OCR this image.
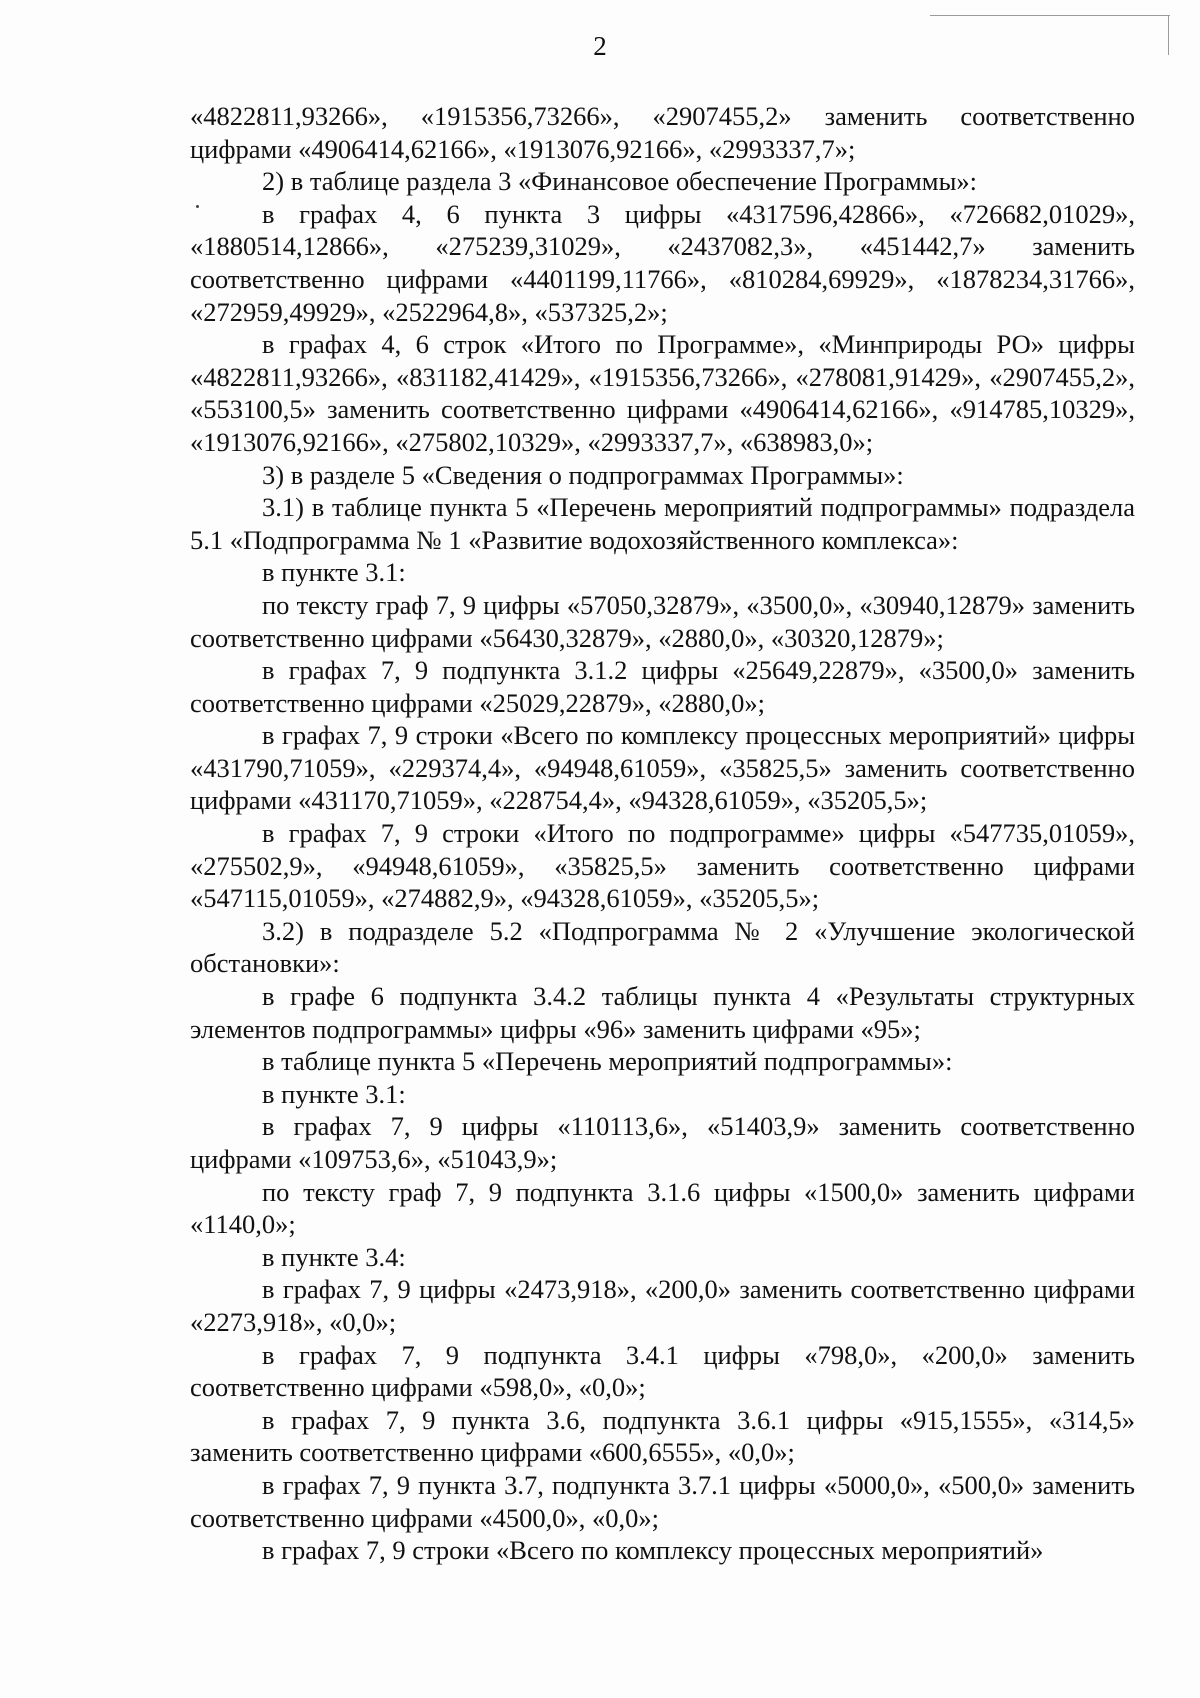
2

«4822811,93266», «1915356,73266», «2907455,2» заменить соответственно цифрами «4906414,62166», «1913076,92166», «2993337,7»;

2) в таблице раздела 3 «Финансовое обеспечение Программы»:

в графах 4, 6 пункта 3 цифры «4317596,42866», «726682,01029», «1880514,12866», «275239,31029», «2437082,3», «451442,7» заменить соответственно цифрами «4401199,11766», «810284,69929», «1878234,31766», «272959,49929», «2522964,8», «537325,2»;

в графах 4, 6 строк «Итого по Программе», «Минприроды РО» цифры «4822811,93266», «831182,41429», «1915356,73266», «278081,91429», «2907455,2», «553100,5» заменить соответственно цифрами «4906414,62166», «914785,10329», «1913076,92166», «275802,10329», «2993337,7», «638983,0»;

3) в разделе 5 «Сведения о подпрограммах Программы»:

3.1) в таблице пункта 5 «Перечень мероприятий подпрограммы» подраздела 5.1 «Подпрограмма № 1 «Развитие водохозяйственного комплекса»:

в пункте 3.1:

по тексту граф 7, 9 цифры «57050,32879», «3500,0», «30940,12879» заменить соответственно цифрами «56430,32879», «2880,0», «30320,12879»;

в графах 7, 9 подпункта 3.1.2 цифры «25649,22879», «3500,0» заменить соответственно цифрами «25029,22879», «2880,0»;

в графах 7, 9 строки «Всего по комплексу процессных мероприятий» цифры «431790,71059», «229374,4», «94948,61059», «35825,5» заменить соответственно цифрами «431170,71059», «228754,4», «94328,61059», «35205,5»;

в графах 7, 9 строки «Итого по подпрограмме» цифры «547735,01059», «275502,9», «94948,61059», «35825,5» заменить соответственно цифрами «547115,01059», «274882,9», «94328,61059», «35205,5»;

3.2) в подразделе 5.2 «Подпрограмма № 2 «Улучшение экологической обстановки»:

в графе 6 подпункта 3.4.2 таблицы пункта 4 «Результаты структурных элементов подпрограммы» цифры «96» заменить цифрами «95»;

в таблице пункта 5 «Перечень мероприятий подпрограммы»:

в пункте 3.1:

в графах 7, 9 цифры «110113,6», «51403,9» заменить соответственно цифрами «109753,6», «51043,9»;

по тексту граф 7, 9 подпункта 3.1.6 цифры «1500,0» заменить цифрами «1140,0»;

в пункте 3.4:

в графах 7, 9 цифры «2473,918», «200,0» заменить соответственно цифрами «2273,918», «0,0»;

в графах 7, 9 подпункта 3.4.1 цифры «798,0», «200,0» заменить соответственно цифрами «598,0», «0,0»;

в графах 7, 9 пункта 3.6, подпункта 3.6.1 цифры «915,1555», «314,5» заменить соответственно цифрами «600,6555», «0,0»;

в графах 7, 9 пункта 3.7, подпункта 3.7.1 цифры «5000,0», «500,0» заменить соответственно цифрами «4500,0», «0,0»;

в графах 7, 9 строки «Всего по комплексу процессных мероприятий»
